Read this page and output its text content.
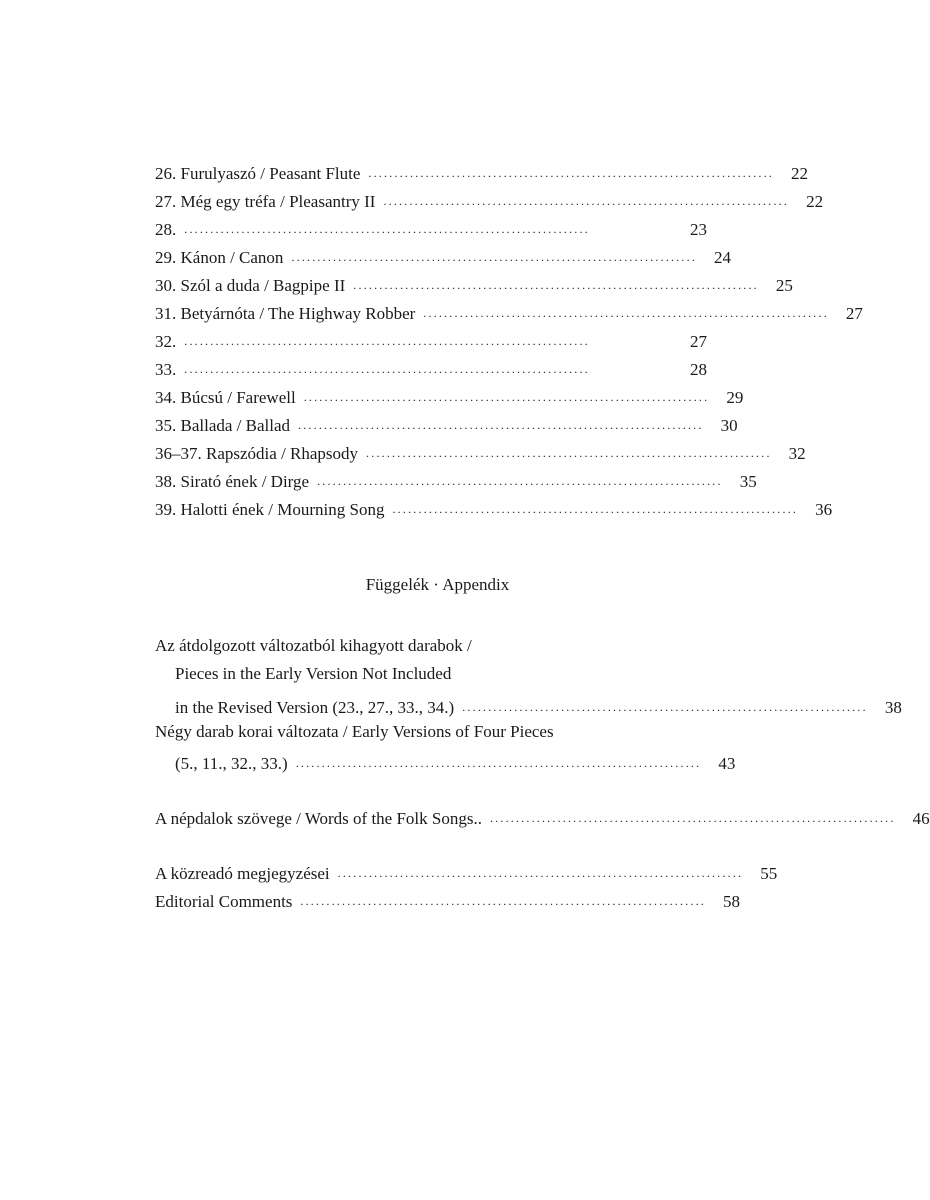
26. Furulyaszó / Peasant Flute ..............................................................................	22
27. Még egy tréfa / Pleasantry II ..............................................................................	22
28. ..............................................................................	23
29. Kánon / Canon ..............................................................................	24
30. Szól a duda / Bagpipe II ..............................................................................	25
31. Betyárnóta / The Highway Robber ..............................................................................	27
32. ..............................................................................	27
33. ..............................................................................	28
34. Búcsú / Farewell ..............................................................................	29
35. Ballada / Ballad ..............................................................................	30
36–37. Rapszódia / Rhapsody ..............................................................................	32
38. Sirató ének / Dirge ..............................................................................	35
39. Halotti ének / Mourning Song ..............................................................................	36
Függelék · Appendix
Az átdolgozott változatból kihagyott darabok /
Pieces in the Early Version Not Included
in the Revised Version (23., 27., 33., 34.) ..............................................................................	38
Négy darab korai változata / Early Versions of Four Pieces
(5., 11., 32., 33.) ..............................................................................	43
A népdalok szövege / Words of the Folk Songs.. ..............................................................................	46
A közreadó megjegyzései ..............................................................................	55
Editorial Comments ..............................................................................	58
